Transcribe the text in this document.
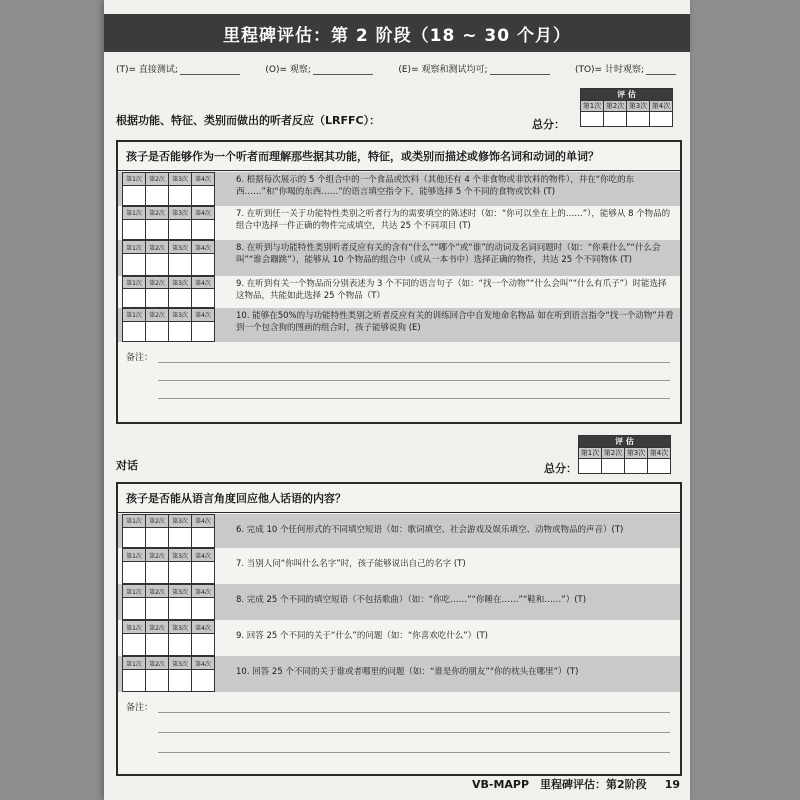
里程碑评估：第 2 阶段（18 ~ 30 个月）
(T) = 直接测试;	(O) = 观察;	(E) = 观察和测试均可;	(TO) = 计时观察;
根据功能、特征、类别而做出的听者反应（LRFFC）：	总分：
评 估			
第1次	第2次	第3次	第4次

孩子是否能够作为一个听者而理解那些据其功能，特征，或类别而描述或修饰名词和动词的单词？
第1次	第2次	第3次	第4次
				6. 根据每次展示的 5 个组合中的一个食品或饮料（其他还有 4 个非食物或非饮料的物件），并在“你吃的东西……”和“你喝的东西……”的语言填空指令下，能够选择 5 个不同的食物或饮料 (T)
第1次	第2次	第3次	第4次
				7. 在听到任一关于功能特性类别之听者行为的需要填空的陈述时（如：“你可以坐在上的……”），能够从 8 个物品的组合中选择一件正确的物件完成填空，共达 25 个不同项目 (T)
第1次	第2次	第3次	第4次
				8. 在听到与功能特性类别听者反应有关的含有“什么”“哪个”或“谁”的动词及名词问题时（如：“你乘什么”“什么会叫”“谁会蹦跳”），能够从 10 个物品的组合中（或从一本书中）选择正确的物件，共达 25 个不同物体 (T)
第1次	第2次	第3次	第4次
				9. 在听到有关一个物品而分别表述为 3 个不同的语言句子（如：“找一个动物”“什么会叫”“什么有爪子”）时能选择这物品，共能如此选择 25 个物品（T）
第1次	第2次	第3次	第4次
				10. 能够在50%的与功能特性类别之听者反应有关的训练回合中自发地命名物品 如在听到语言指令“找一个动物”并看到一个包含狗的图画的组合时，孩子能够说狗 (E)
备注：
对话	总分：
评 估			
第1次	第2次	第3次	第4次

孩子是否能从语言角度回应他人话语的内容？
第1次	第2次	第3次	第4次

6. 完成 10 个任何形式的不同填空短语（如：歌词填空、社会游戏及娱乐填空、动物或物品的声音）(T)
第1次	第2次	第3次	第4次

7. 当别人问“你叫什么名字”时，孩子能够说出自己的名字 (T)
第1次	第2次	第3次	第4次

8. 完成 25 个不同的填空短语（不包括歌曲）（如：“你吃……”“你睡在……”“鞋和……”）(T)
第1次	第2次	第3次	第4次

9. 回答 25 个不同的关于“什么”的问题（如：“你喜欢吃什么”）(T)
第1次	第2次	第3次	第4次

10. 回答 25 个不同的关于谁或者哪里的问题（如：“谁是你的朋友”“你的枕头在哪里”）(T)
备注：
VB-MAPP　里程碑评估：第2阶段 19
